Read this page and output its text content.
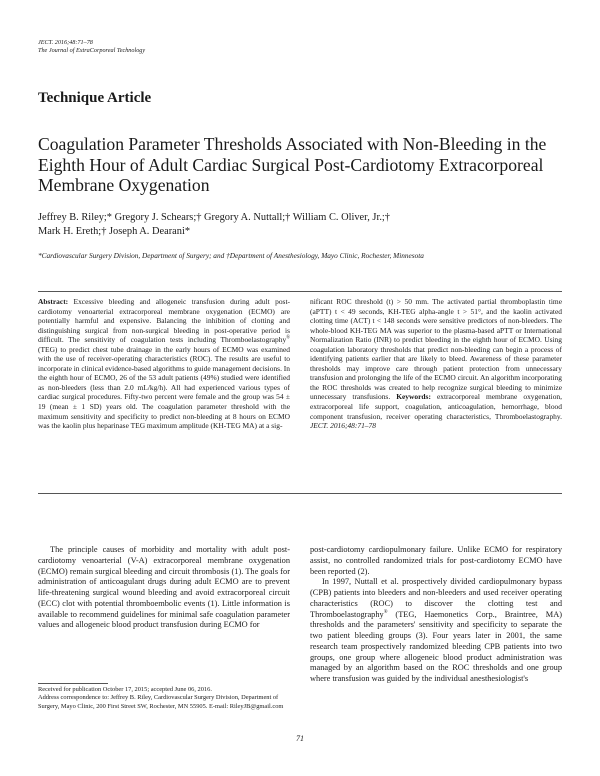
JECT. 2016;48:71–78
The Journal of ExtraCorporeal Technology
Technique Article
Coagulation Parameter Thresholds Associated with Non-Bleeding in the Eighth Hour of Adult Cardiac Surgical Post-Cardiotomy Extracorporeal Membrane Oxygenation
Jeffrey B. Riley;* Gregory J. Schears;† Gregory A. Nuttall;† William C. Oliver, Jr.;†
Mark H. Ereth;† Joseph A. Dearani*
*Cardiovascular Surgery Division, Department of Surgery; and †Department of Anesthesiology, Mayo Clinic, Rochester, Minnesota
Abstract: Excessive bleeding and allogeneic transfusion during adult post-cardiotomy venoarterial extracorporeal membrane oxygenation (ECMO) are potentially harmful and expensive. Balancing the inhibition of clotting and distinguishing surgical from non-surgical bleeding in post-operative period is difficult. The sensitivity of coagulation tests including Thromboelastography® (TEG) to predict chest tube drainage in the early hours of ECMO was examined with the use of receiver-operating characteristics (ROC). The results are useful to incorporate in clinical evidence-based algorithms to guide management decisions. In the eighth hour of ECMO, 26 of the 53 adult patients (49%) studied were identified as non-bleeders (less than 2.0 mL/kg/h). All had experienced various types of cardiac surgical procedures. Fifty-two percent were female and the group was 54 ± 19 (mean ± 1 SD) years old. The coagulation parameter threshold with the maximum sensitivity and specificity to predict non-bleeding at 8 hours on ECMO was the kaolin plus heparinase TEG maximum amplitude (KH-TEG MA) at a sig-
nificant ROC threshold (t) > 50 mm. The activated partial thromboplastin time (aPTT) t < 49 seconds, KH-TEG alpha-angle t > 51°, and the kaolin activated clotting time (ACT) t < 148 seconds were sensitive predictors of non-bleeders. The whole-blood KH-TEG MA was superior to the plasma-based aPTT or International Normalization Ratio (INR) to predict bleeding in the eighth hour of ECMO. Using coagulation laboratory thresholds that predict non-bleeding can begin a process of identifying patients earlier that are likely to bleed. Awareness of these parameter thresholds may improve care through patient protection from unnecessary transfusion and prolonging the life of the ECMO circuit. An algorithm incorporating the ROC thresholds was created to help recognize surgical bleeding to minimize unnecessary transfusions. Keywords: extracorporeal membrane oxygenation, extracorporeal life support, coagulation, anticoagulation, hemorrhage, blood component transfusion, receiver operating characteristics, Thromboelastography. JECT. 2016;48:71–78

The principle causes of morbidity and mortality with adult post-cardiotomy venoarterial (V-A) extracorporeal membrane oxygenation (ECMO) remain surgical bleeding and circuit thrombosis (1). The goals for administration of anticoagulant drugs during adult ECMO are to prevent life-threatening surgical wound bleeding and avoid extracorporeal circuit (ECC) clot with potential thromboembolic events (1). Little information is available to recommend guidelines for minimal safe coagulation parameter values and allogeneic blood product transfusion during ECMO for

post-cardiotomy cardiopulmonary failure. Unlike ECMO for respiratory assist, no controlled randomized trials for post-cardiotomy ECMO have been reported (2).

In 1997, Nuttall et al. prospectively divided cardiopulmonary bypass (CPB) patients into bleeders and non-bleeders and used receiver operating characteristics (ROC) to discover the clotting test and Thromboelastography® (TEG, Haemonetics Corp., Braintree, MA) thresholds and the parameters' sensitivity and specificity to separate the two patient bleeding groups (3). Four years later in 2001, the same research team prospectively randomized bleeding CPB patients into two groups, one group where allogeneic blood product administration was managed by an algorithm based on the ROC thresholds and one group where transfusion was guided by the individual anesthesiologist's

Received for publication October 17, 2015; accepted June 06, 2016.
Address correspondence to: Jeffrey B. Riley, Cardiovascular Surgery Division, Department of Surgery, Mayo Clinic, 200 First Street SW, Rochester, MN 55905. E-mail: RileyJB@gmail.com
71
